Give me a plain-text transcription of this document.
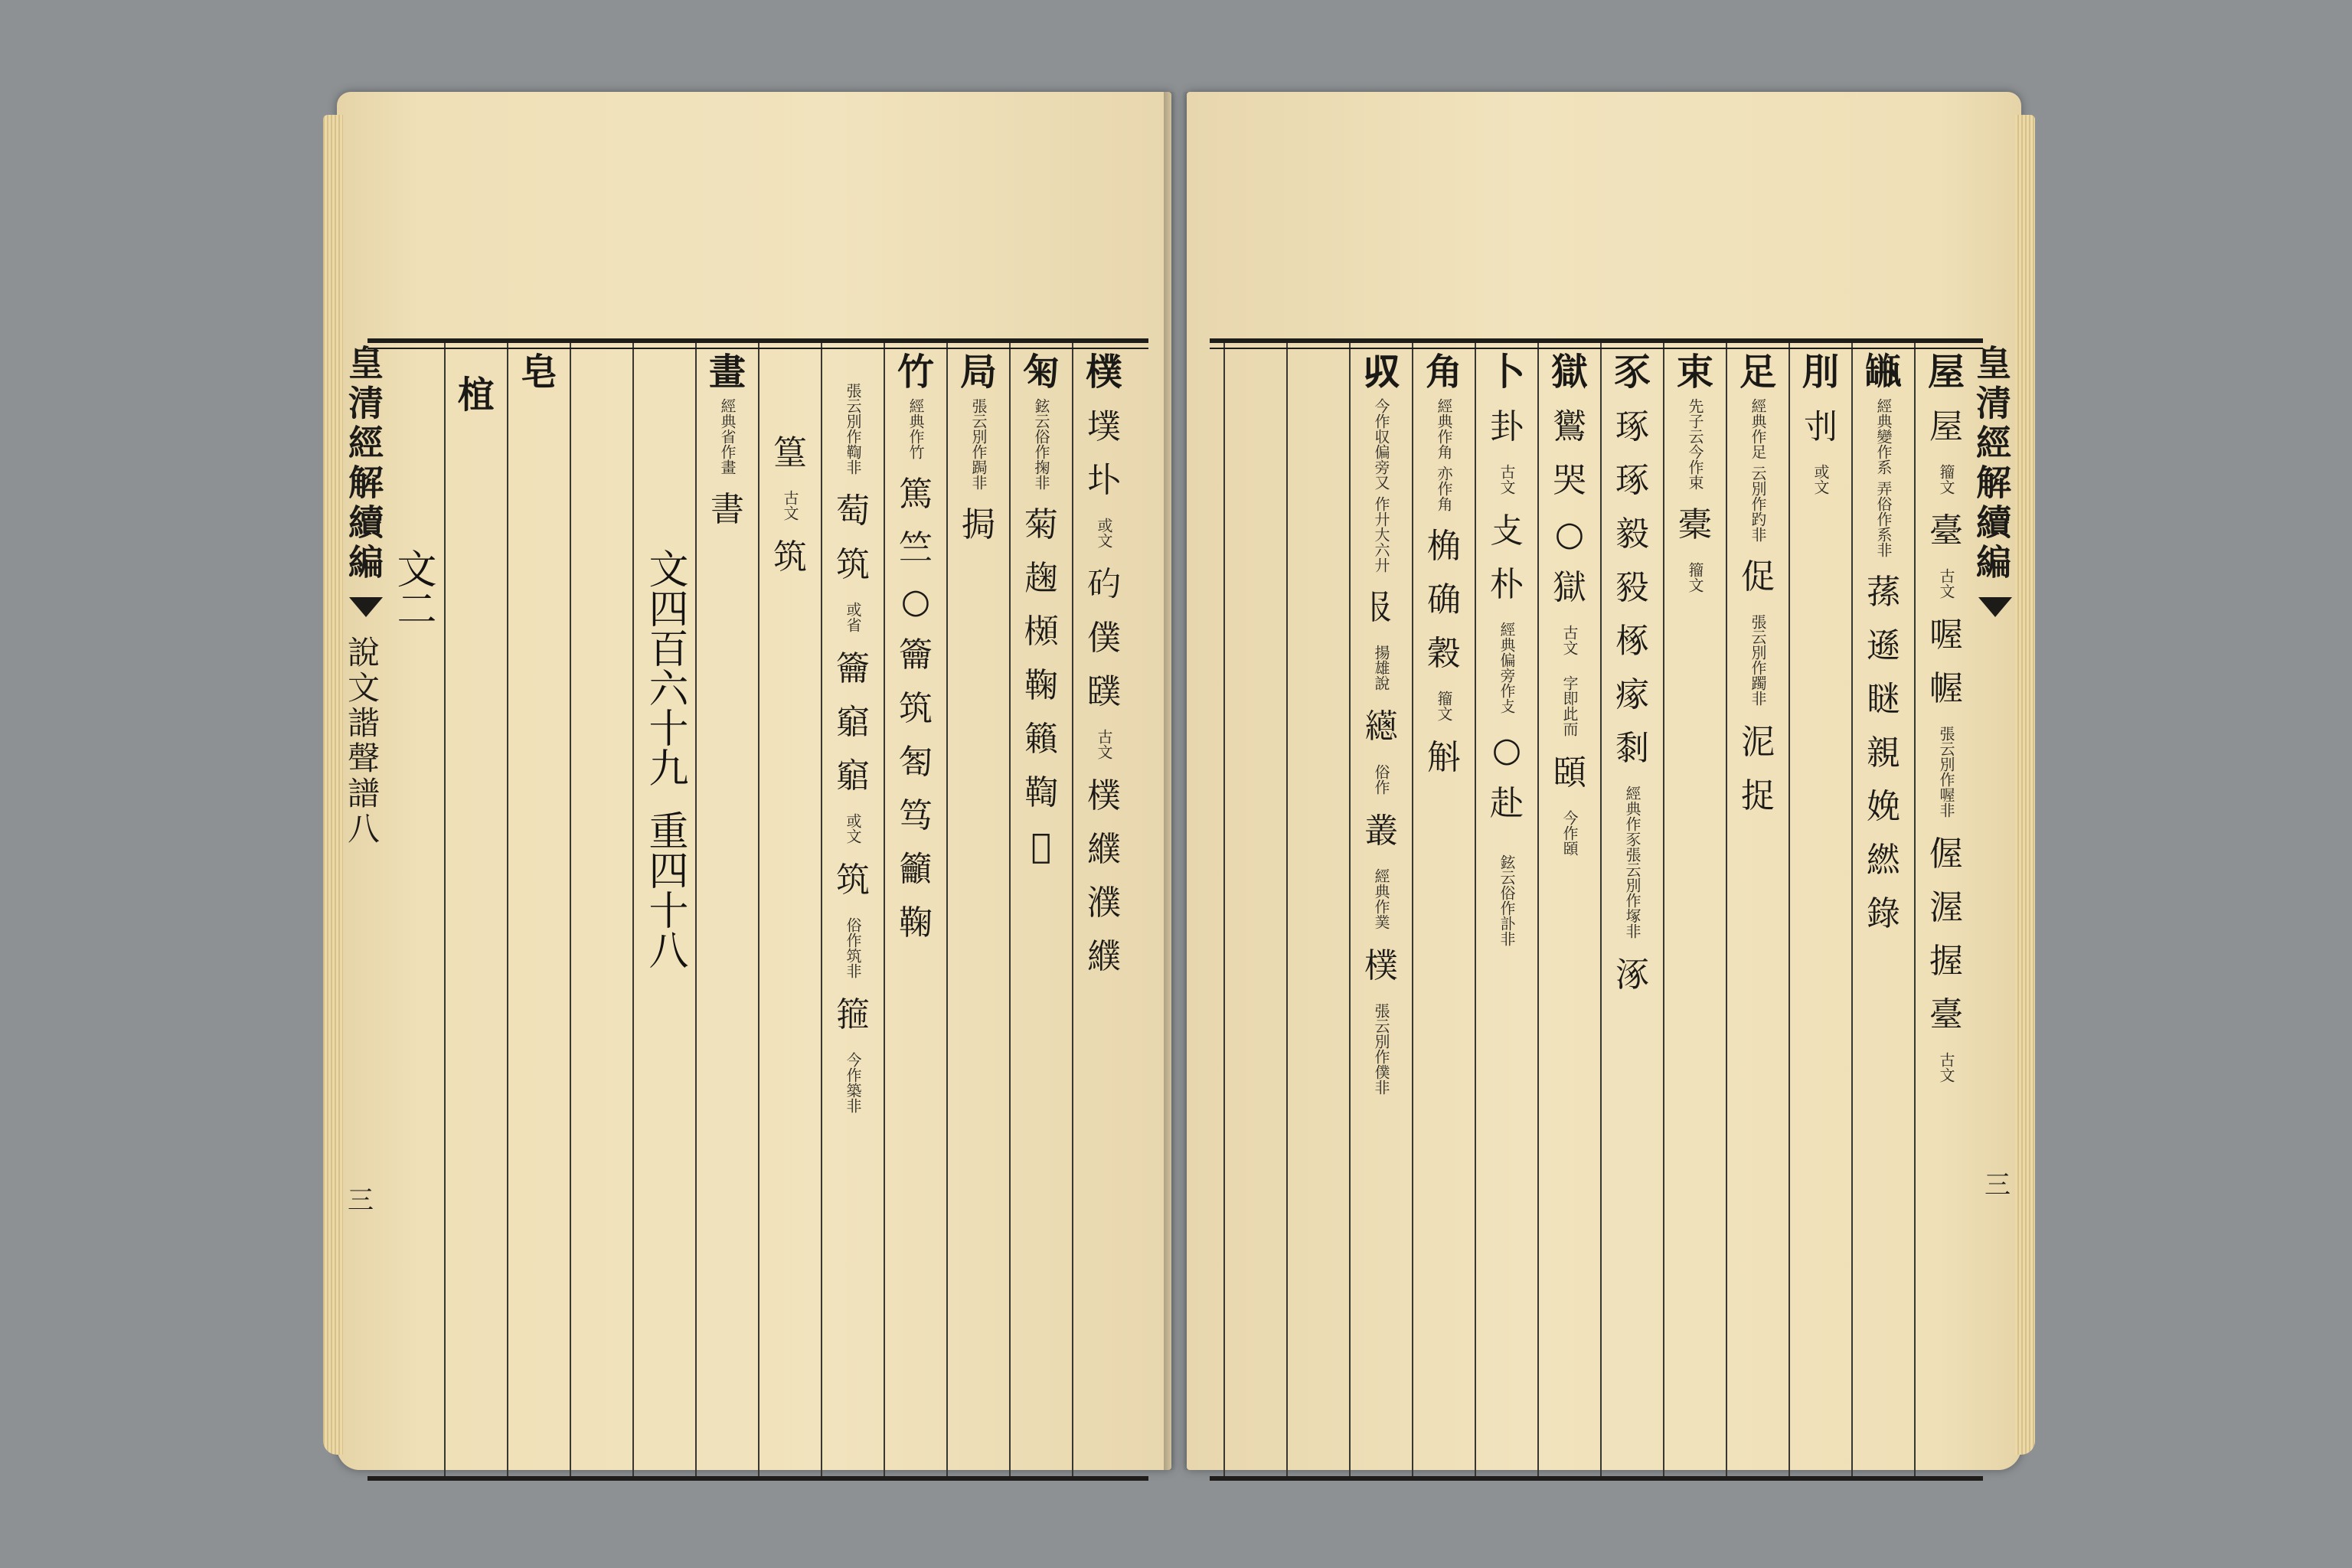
皇清經解續編
說文諧聲譜八
三
樸
墣
圤
或文
𥐝
僕
䑑
古文
樸
纀
濮
纀
匊
鉉云俗作掬非
菊
趜
𩓡
鞠
籟
鞫
𩍐
局
張云別作跼非
挶
竹
經典作竹
篤
竺
○
籥
筑
匒
笃
籲
鞠
張云別作鞫非
萄
筑
或省
籥
竆
竆
或文
筑
俗作筑非
箍
今作築非
篁
古文
筑
畫
經典省作畫
書
文四百六十九
重四十八
皂
椬
文二
皇清經解續編
三
屋
屋
籀文
臺
古文
喔
幄
張云別作喔非
偓
渥
握
臺
古文
𦉐
經典變作系
弄俗作系非
蓀
遜
瞇
親
娩
繎
錄
刖
刌
或文
足
經典作足
云別作趵非
促
張云別作躅非
泥
捉
束
先子云今作束
橐
籀文
豕
琢
琢
毅
豛
椓
瘃
㓿
經典作豕張云別作塚非
涿
獄
鸑
哭
○
獄
古文
字即此而
頣
今作頣
卜
卦
古文
攴
朴
經典偏旁作攴
○
赴
鉉云俗作訃非
角
經典作角
亦作角
桷
确
穀
籀文
斛
𠬞
今作収偏旁又
作廾大六廾
𠬝
揚雄說
𦇎
俗作
叢
經典作菐
樸
張云別作僕非
